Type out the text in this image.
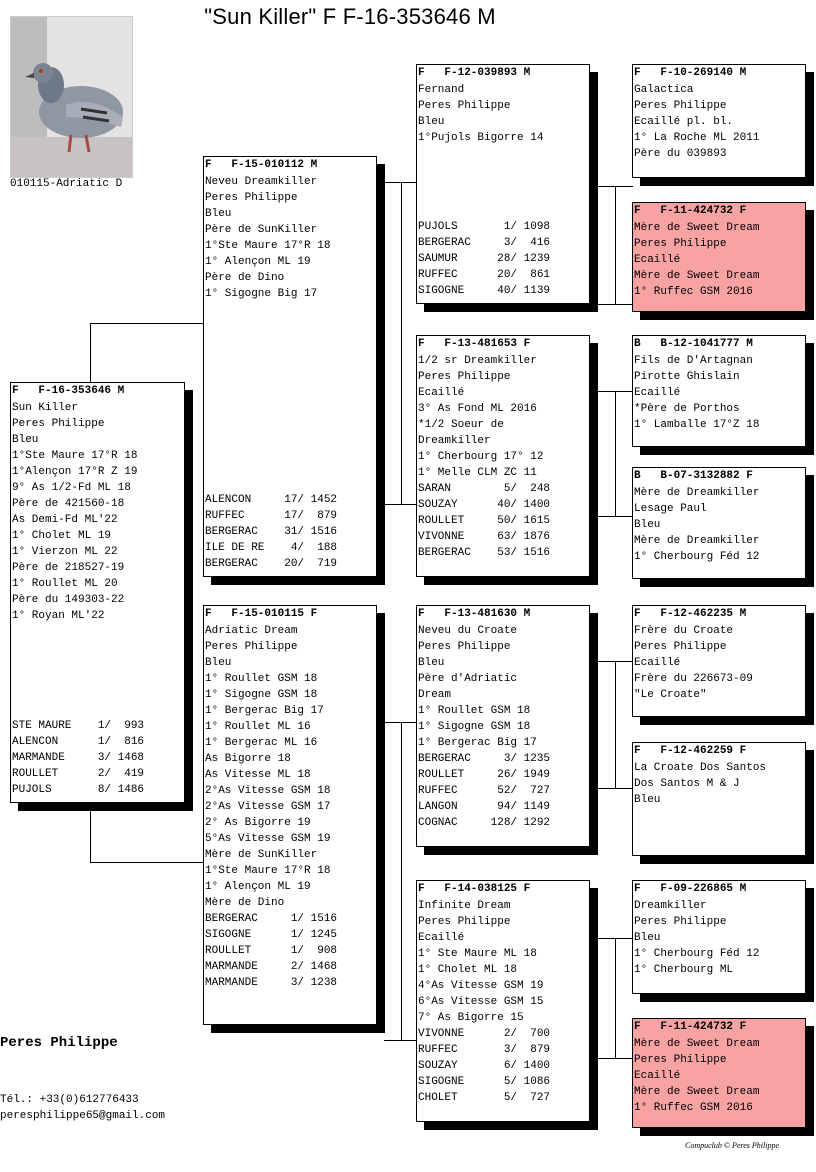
"Sun Killer" F F-16-353646 M
010115-Adriatic D
F   F-16-353646 M
Sun Killer
Peres Philippe
Bleu
1°Ste Maure 17°R 18
1°Alençon 17°R Z 19
9° As 1/2-Fd ML 18
Père de 421560-18
As Demi-Fd ML'22
1° Cholet ML 19
1° Vierzon ML 22
Père de 218527-19
1° Roullet ML 20
Père du 149303-22
1° Royan ML'22
STE MAURE    1/  993
ALENCON      1/  816
MARMANDE     3/ 1468
ROULLET      2/  419
PUJOLS       8/ 1486
F   F-15-010112 M
Neveu Dreamkiller
Peres Philippe
Bleu
Père de SunKiller
1°Ste Maure 17°R 18
1° Alençon ML 19
Père de Dino
1° Sigogne Big 17
ALENCON     17/ 1452
RUFFEC      17/  879
BERGERAC    31/ 1516
ILE DE RE    4/  188
BERGERAC    20/  719
F   F-15-010115 F
Adriatic Dream
Peres Philippe
Bleu
1° Roullet GSM 18
1° Sigogne GSM 18
1° Bergerac Big 17
1° Roullet ML 16
1° Bergerac ML 16
As Bigorre 18
As Vitesse ML 18
2°As Vitesse GSM 18
2°As Vitesse GSM 17
2° As Bigorre 19
5°As Vitesse GSM 19
Mère de SunKiller
1°Ste Maure 17°R 18
1° Alençon ML 19
Mère de Dino
BERGERAC     1/ 1516
SIGOGNE      1/ 1245
ROULLET      1/  908
MARMANDE     2/ 1468
MARMANDE     3/ 1238
F   F-12-039893 M
Fernand
Peres Philippe
Bleu
1°Pujols Bigorre 14
PUJOLS       1/ 1098
BERGERAC     3/  416
SAUMUR      28/ 1239
RUFFEC      20/  861
SIGOGNE     40/ 1139
F   F-13-481653 F
1/2 sr Dreamkiller
Peres Philippe
Ecaillé
3° As Fond ML 2016
*1/2 Soeur de
Dreamkiller
1° Cherbourg 17° 12
1° Melle CLM ZC 11
SARAN        5/  248
SOUZAY      40/ 1400
ROULLET     50/ 1615
VIVONNE     63/ 1876
BERGERAC    53/ 1516
F   F-13-481630 M
Neveu du Croate
Peres Philippe
Bleu
Père d'Adriatic
Dream
1° Roullet GSM 18
1° Sigogne GSM 18
1° Bergerac Big 17
BERGERAC     3/ 1235
ROULLET     26/ 1949
RUFFEC      52/  727
LANGON      94/ 1149
COGNAC     128/ 1292
F   F-14-038125 F
Infinite Dream
Peres Philippe
Ecaillé
1° Ste Maure ML 18
1° Cholet ML 18
4°As Vitesse GSM 19
6°As Vitesse GSM 15
7° As Bigorre 15
VIVONNE      2/  700
RUFFEC       3/  879
SOUZAY       6/ 1400
SIGOGNE      5/ 1086
CHOLET       5/  727
F   F-10-269140 M
Galactica
Peres Philippe
Ecaillé pl. bl.
1° La Roche ML 2011
Père du 039893
F   F-11-424732 F
Mère de Sweet Dream
Peres Philippe
Ecaillé
Mère de Sweet Dream
1° Ruffec GSM 2016
B   B-12-1041777 M
Fils de D'Artagnan
Pirotte Ghislain
Ecaillé
*Père de Porthos
1° Lamballe 17°Z 18
B   B-07-3132882 F
Mère de Dreamkiller
Lesage Paul
Bleu
Mère de Dreamkiller
1° Cherbourg Féd 12
F   F-12-462235 M
Frère du Croate
Peres Philippe
Ecaillé
Frère du 226673-09
"Le Croate"
F   F-12-462259 F
La Croate Dos Santos
Dos Santos M & J
Bleu
F   F-09-226865 M
Dreamkiller
Peres Philippe
Bleu
1° Cherbourg Féd 12
1° Cherbourg ML
F   F-11-424732 F
Mère de Sweet Dream
Peres Philippe
Ecaillé
Mère de Sweet Dream
1° Ruffec GSM 2016
Peres Philippe
Tél.: +33(0)612776433
peresphilippe65@gmail.com
Compuclub © Peres Philippe
